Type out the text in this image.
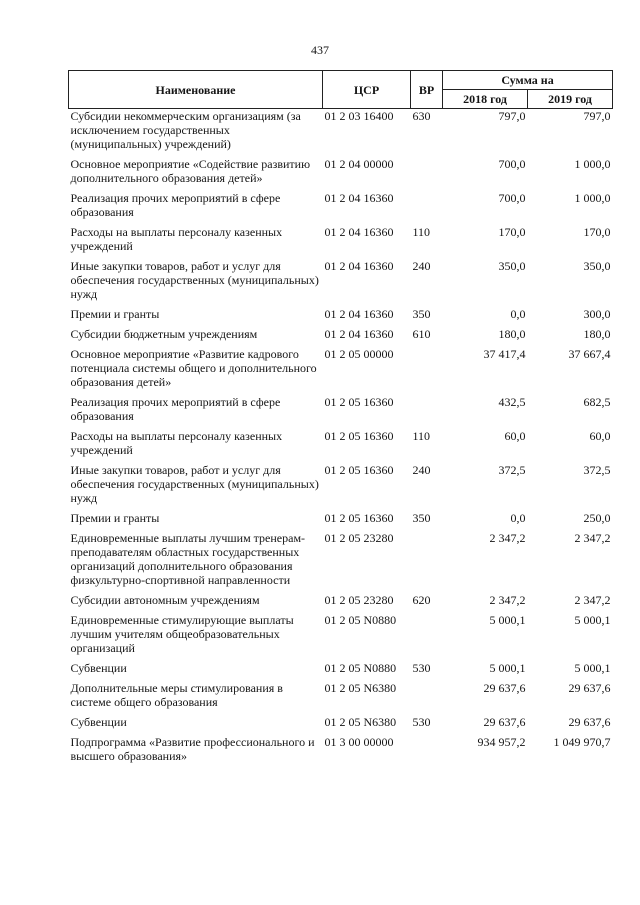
437
Наименование	ЦСР	ВР	Сумма на	
			2018 год	2019 год
Субсидии некоммерческим организациям (за исключением государственных (муниципальных) учреждений)	01 2 03 16400	630	797,0	797,0
Основное мероприятие «Содействие развитию дополнительного образования детей»	01 2 04 00000		700,0	1 000,0
Реализация прочих мероприятий в сфере образования	01 2 04 16360		700,0	1 000,0
Расходы на выплаты персоналу казенных учреждений	01 2 04 16360	110	170,0	170,0
Иные закупки товаров, работ и услуг для обеспечения государственных (муниципальных) нужд	01 2 04 16360	240	350,0	350,0
Премии и гранты	01 2 04 16360	350	0,0	300,0
Субсидии бюджетным учреждениям	01 2 04 16360	610	180,0	180,0
Основное мероприятие «Развитие кадрового потенциала системы общего и дополнительного образования детей»	01 2 05 00000		37 417,4	37 667,4
Реализация прочих мероприятий в сфере образования	01 2 05 16360		432,5	682,5
Расходы на выплаты персоналу казенных учреждений	01 2 05 16360	110	60,0	60,0
Иные закупки товаров, работ и услуг для обеспечения государственных (муниципальных) нужд	01 2 05 16360	240	372,5	372,5
Премии и гранты	01 2 05 16360	350	0,0	250,0
Единовременные выплаты лучшим тренерам-преподавателям областных государственных организаций дополнительного образования физкультурно-спортивной направленности	01 2 05 23280		2 347,2	2 347,2
Субсидии автономным учреждениям	01 2 05 23280	620	2 347,2	2 347,2
Единовременные стимулирующие выплаты лучшим учителям общеобразовательных организаций	01 2 05 N0880		5 000,1	5 000,1
Субвенции	01 2 05 N0880	530	5 000,1	5 000,1
Дополнительные меры стимулирования в системе общего образования	01 2 05 N6380		29 637,6	29 637,6
Субвенции	01 2 05 N6380	530	29 637,6	29 637,6
Подпрограмма «Развитие профессионального и высшего образования»	01 3 00 00000		934 957,2	1 049 970,7
